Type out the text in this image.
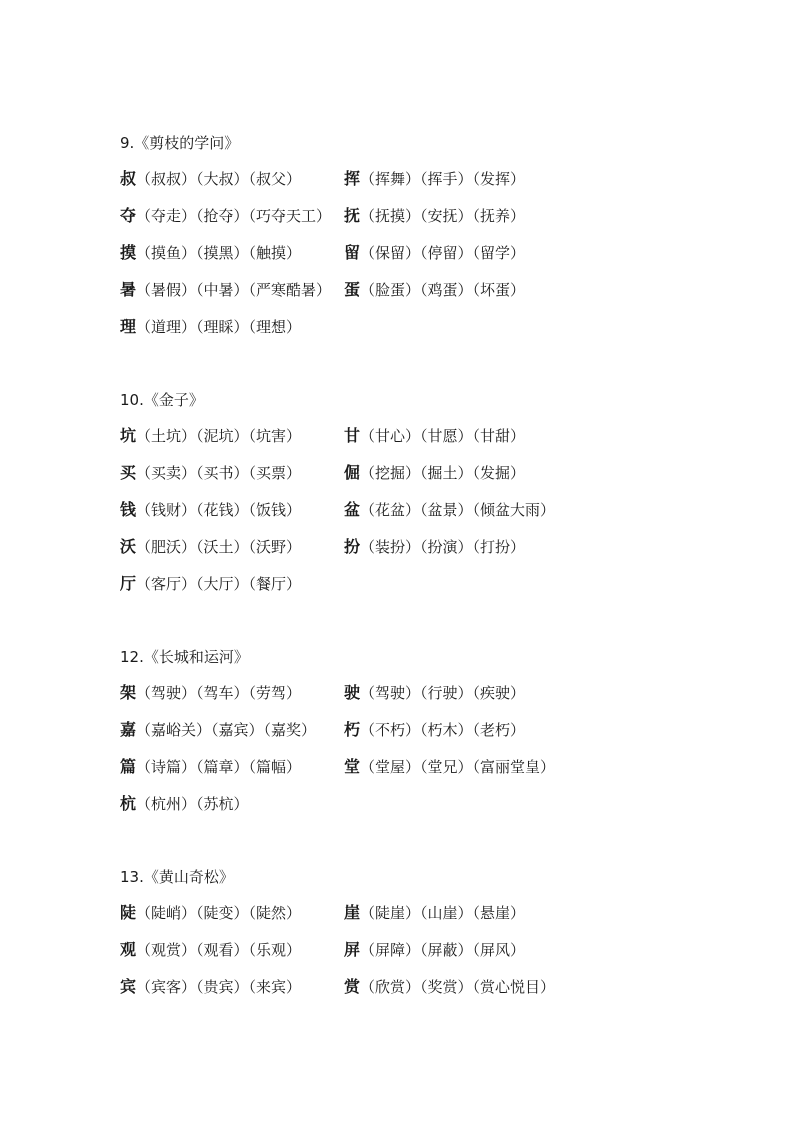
9.《剪枝的学问》
叔（叔叔）（大叔）（叔父）	挥（挥舞）（挥手）（发挥）
夺（夺走）（抢夺）（巧夺天工） 抚（抚摸）（安抚）（抚养）
摸（摸鱼）（摸黑）（触摸）	留（保留）（停留）（留学）
暑（暑假）（中暑）（严寒酷暑） 蛋（脸蛋）（鸡蛋）（坏蛋）
理（道理）（理睬）（理想）
10.《金子》
坑（土坑）（泥坑）（坑害）	甘（甘心）（甘愿）（甘甜）
买（买卖）（买书）（买票）	倔（挖掘）（掘土）（发掘）
钱（钱财）（花钱）（饭钱）	盆（花盆）（盆景）（倾盆大雨）
沃（肥沃）（沃土）（沃野）	扮（装扮）（扮演）（打扮）
厅（客厅）（大厅）（餐厅）
12.《长城和运河》
架（驾驶）（驾车）（劳驾）	驶（驾驶）（行驶）（疾驶）
嘉（嘉峪关）（嘉宾）（嘉奖） 朽（不朽）（朽木）（老朽）
篇（诗篇）（篇章）（篇幅）	堂（堂屋）（堂兄）（富丽堂皇）
杭（杭州）（苏杭）
13.《黄山奇松》
陡（陡峭）（陡变）（陡然）	崖（陡崖）（山崖）（悬崖）
观（观赏）（观看）（乐观）	屏（屏障）（屏蔽）（屏风）
宾（宾客）（贵宾）（来宾）	赏（欣赏）（奖赏）（赏心悦目）
